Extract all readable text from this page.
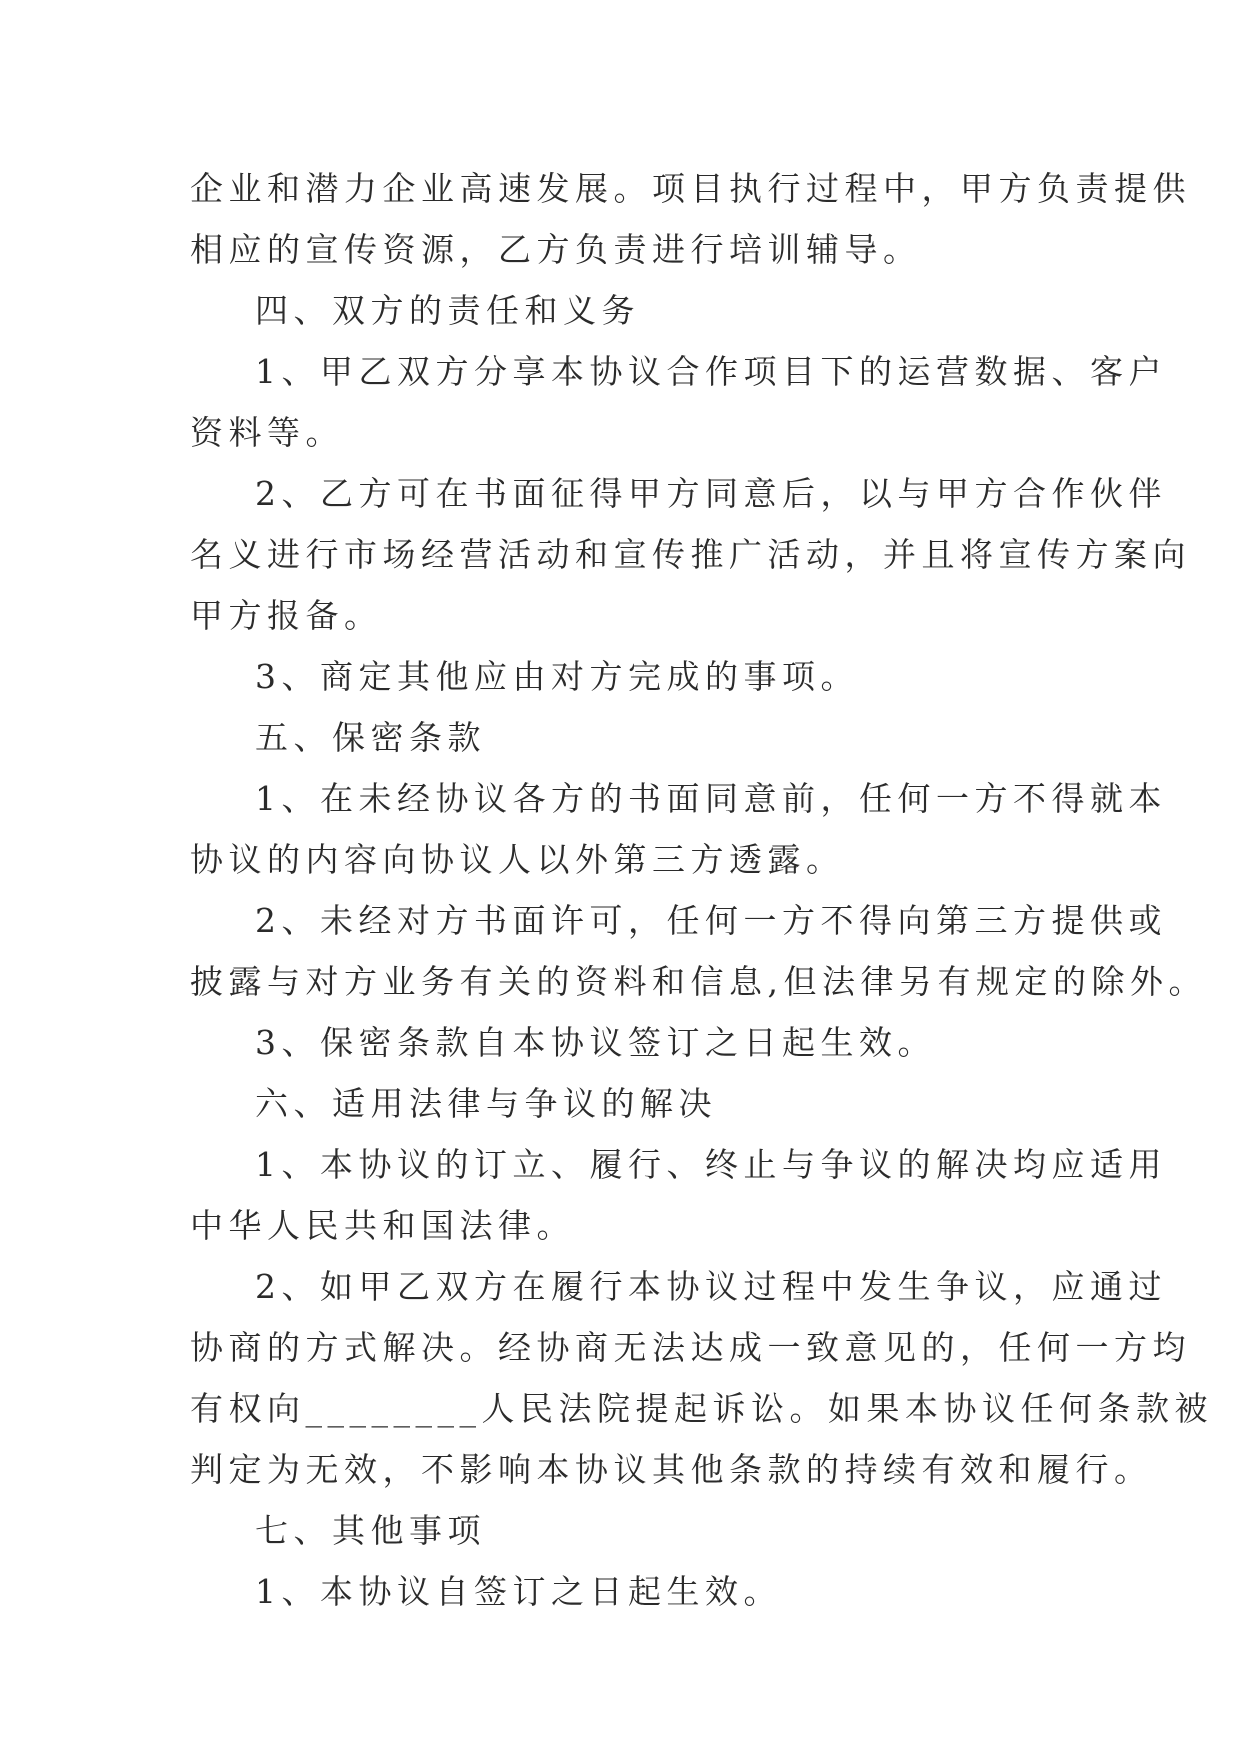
企业和潜力企业高速发展。项目执行过程中，甲方负责提供

相应的宣传资源，乙方负责进行培训辅导。

四、双方的责任和义务

1、甲乙双方分享本协议合作项目下的运营数据、客户

资料等。

2、乙方可在书面征得甲方同意后，以与甲方合作伙伴

名义进行市场经营活动和宣传推广活动，并且将宣传方案向

甲方报备。

3、商定其他应由对方完成的事项。

五、保密条款

1、在未经协议各方的书面同意前，任何一方不得就本

协议的内容向协议人以外第三方透露。

2、未经对方书面许可，任何一方不得向第三方提供或

披露与对方业务有关的资料和信息,但法律另有规定的除外。

3、保密条款自本协议签订之日起生效。

六、适用法律与争议的解决

1、本协议的订立、履行、终止与争议的解决均应适用

中华人民共和国法律。

2、如甲乙双方在履行本协议过程中发生争议，应通过

协商的方式解决。经协商无法达成一致意见的，任何一方均

有权向________人民法院提起诉讼。如果本协议任何条款被

判定为无效，不影响本协议其他条款的持续有效和履行。

七、其他事项

1、本协议自签订之日起生效。
